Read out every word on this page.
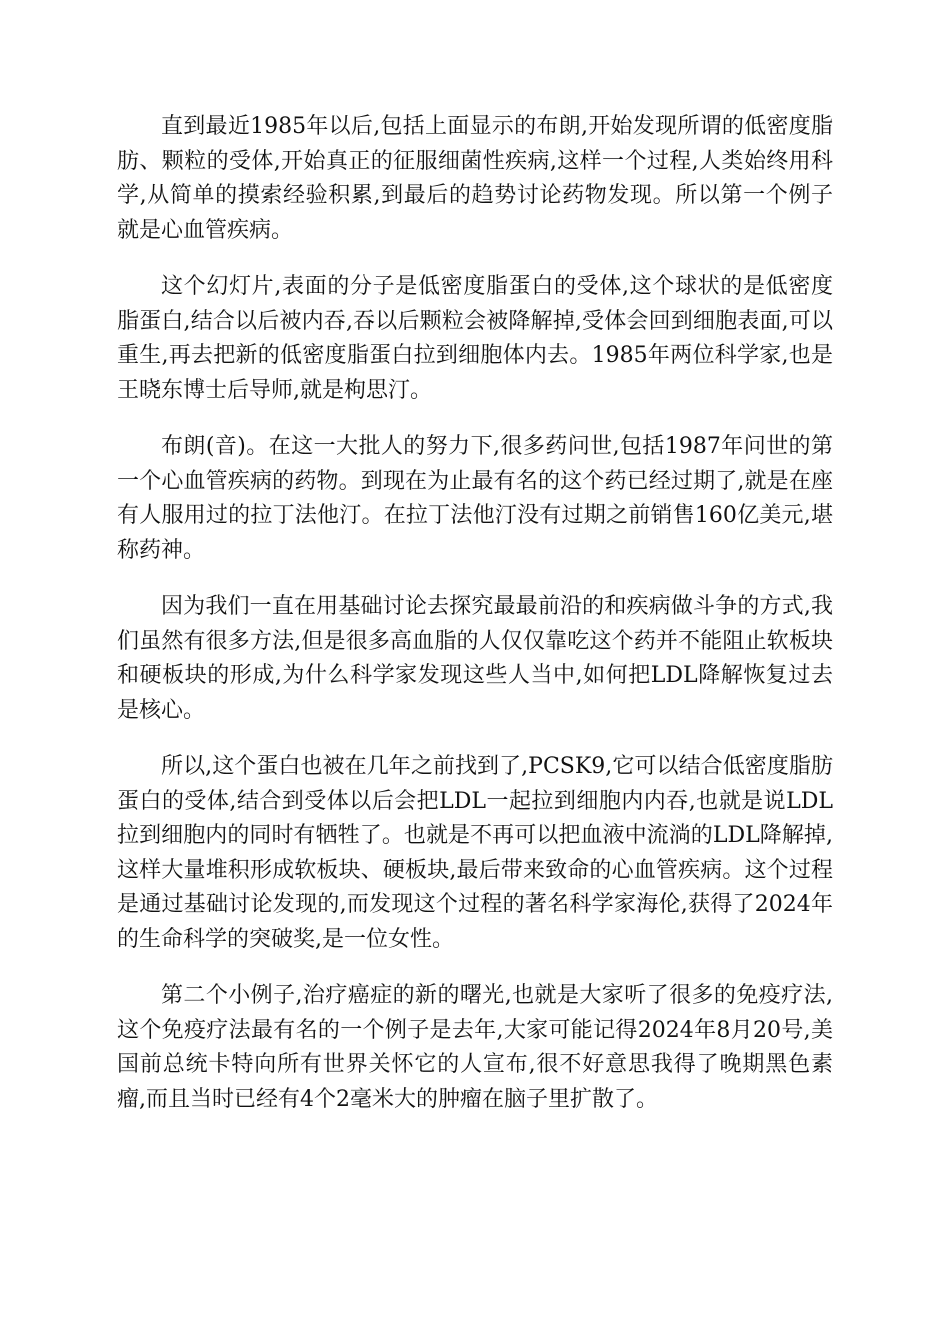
直到最近1985年以后,包括上面显示的布朗,开始发现所谓的低密度脂肪、颗粒的受体,开始真正的征服细菌性疾病,这样一个过程,人类始终用科学,从简单的摸索经验积累,到最后的趋势讨论药物发现。所以第一个例子就是心血管疾病。

这个幻灯片,表面的分子是低密度脂蛋白的受体,这个球状的是低密度脂蛋白,结合以后被内吞,吞以后颗粒会被降解掉,受体会回到细胞表面,可以重生,再去把新的低密度脂蛋白拉到细胞体内去。1985年两位科学家,也是王晓东博士后导师,就是枸思汀。

布朗(音)。在这一大批人的努力下,很多药问世,包括1987年问世的第一个心血管疾病的药物。到现在为止最有名的这个药已经过期了,就是在座有人服用过的拉丁法他汀。在拉丁法他汀没有过期之前销售160亿美元,堪称药神。

因为我们一直在用基础讨论去探究最最前沿的和疾病做斗争的方式,我们虽然有很多方法,但是很多高血脂的人仅仅靠吃这个药并不能阻止软板块和硬板块的形成,为什么科学家发现这些人当中,如何把LDL降解恢复过去是核心。

所以,这个蛋白也被在几年之前找到了,PCSK9,它可以结合低密度脂肪蛋白的受体,结合到受体以后会把LDL一起拉到细胞内内吞,也就是说LDL拉到细胞内的同时有牺牲了。也就是不再可以把血液中流淌的LDL降解掉,这样大量堆积形成软板块、硬板块,最后带来致命的心血管疾病。这个过程是通过基础讨论发现的,而发现这个过程的著名科学家海伦,获得了2024年的生命科学的突破奖,是一位女性。

第二个小例子,治疗癌症的新的曙光,也就是大家听了很多的免疫疗法,这个免疫疗法最有名的一个例子是去年,大家可能记得2024年8月20号,美国前总统卡特向所有世界关怀它的人宣布,很不好意思我得了晚期黑色素瘤,而且当时已经有4个2毫米大的肿瘤在脑子里扩散了。
